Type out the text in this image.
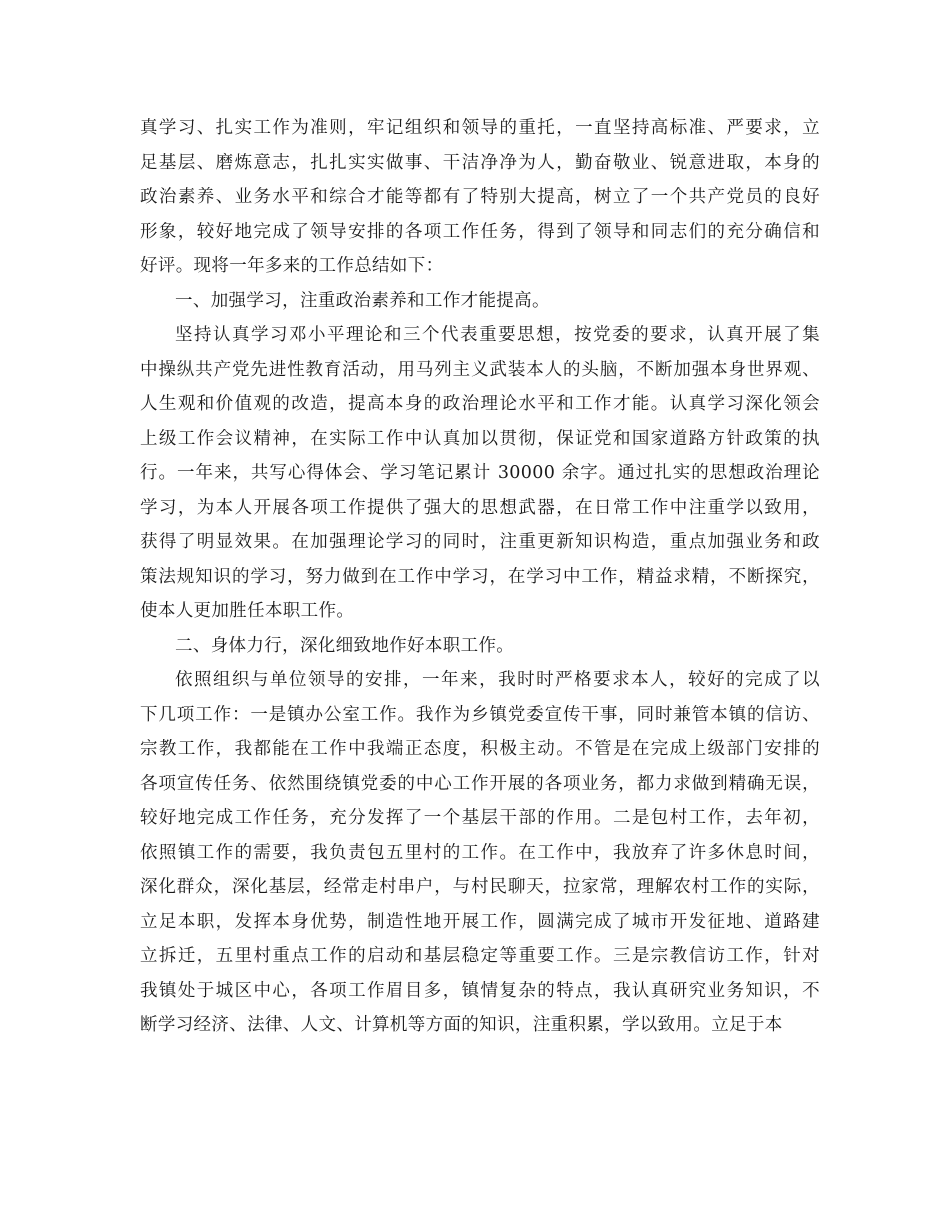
真学习、扎实工作为准则，牢记组织和领导的重托，一直坚持高标准、严要求，立
足基层、磨炼意志，扎扎实实做事、干洁净净为人，勤奋敬业、锐意进取，本身的
政治素养、业务水平和综合才能等都有了特别大提高，树立了一个共产党员的良好
形象，较好地完成了领导安排的各项工作任务，得到了领导和同志们的充分确信和
好评。现将一年多来的工作总结如下：
一、加强学习，注重政治素养和工作才能提高。
坚持认真学习邓小平理论和三个代表重要思想，按党委的要求，认真开展了集
中操纵共产党先进性教育活动，用马列主义武装本人的头脑，不断加强本身世界观、
人生观和价值观的改造，提高本身的政治理论水平和工作才能。认真学习深化领会
上级工作会议精神，在实际工作中认真加以贯彻，保证党和国家道路方针政策的执
行。一年来，共写心得体会、学习笔记累计 30000 余字。通过扎实的思想政治理论
学习，为本人开展各项工作提供了强大的思想武器，在日常工作中注重学以致用，
获得了明显效果。在加强理论学习的同时，注重更新知识构造，重点加强业务和政
策法规知识的学习，努力做到在工作中学习，在学习中工作，精益求精，不断探究，
使本人更加胜任本职工作。
二、身体力行，深化细致地作好本职工作。
依照组织与单位领导的安排，一年来，我时时严格要求本人，较好的完成了以
下几项工作：一是镇办公室工作。我作为乡镇党委宣传干事，同时兼管本镇的信访、
宗教工作，我都能在工作中我端正态度，积极主动。不管是在完成上级部门安排的
各项宣传任务、依然围绕镇党委的中心工作开展的各项业务，都力求做到精确无误，
较好地完成工作任务，充分发挥了一个基层干部的作用。二是包村工作，去年初，
依照镇工作的需要，我负责包五里村的工作。在工作中，我放弃了许多休息时间，
深化群众，深化基层，经常走村串户，与村民聊天，拉家常，理解农村工作的实际，
立足本职，发挥本身优势，制造性地开展工作，圆满完成了城市开发征地、道路建
立拆迁，五里村重点工作的启动和基层稳定等重要工作。三是宗教信访工作，针对
我镇处于城区中心，各项工作眉目多，镇情复杂的特点，我认真研究业务知识，不
断学习经济、法律、人文、计算机等方面的知识，注重积累，学以致用。立足于本
